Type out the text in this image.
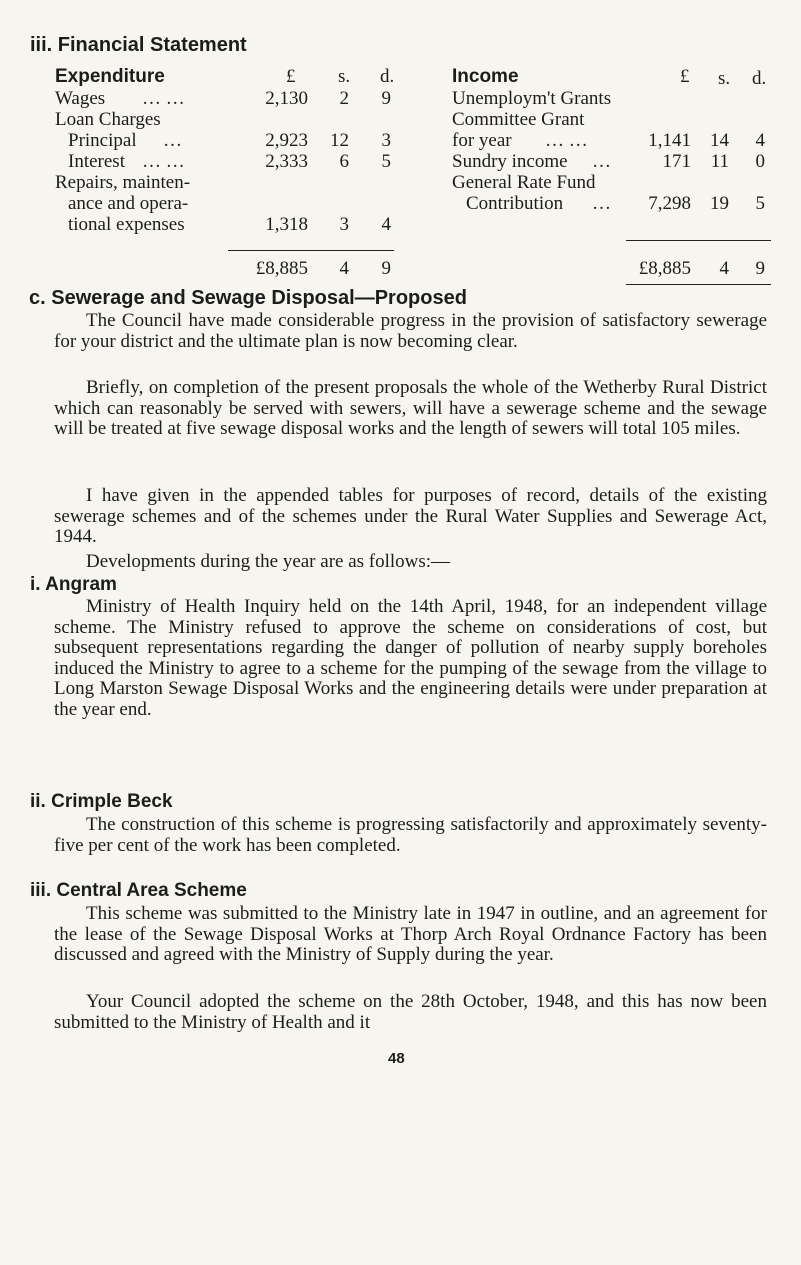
iii. Financial Statement
Expenditure	£ s. d.
Wages … …	2,130 2 9
Loan Charges
Principal …	2,923 12 3
Interest … …	2,333 6 5
Repairs, mainten-
ance and opera-
tional expenses	1,318 3 4
£8,885 4 9
Income	£ s. d.
Unemploym't Grants
Committee Grant
for year … …	1,141 14 4
Sundry income …	171 11 0
General Rate Fund
Contribution … 7,298 19 5
£8,885 4 9
c. Sewerage and Sewage Disposal—Proposed

The Council have made considerable progress in the provision of satisfactory sewerage for your district and the ultimate plan is now becoming clear.

Briefly, on completion of the present proposals the whole of the Wetherby Rural District which can reasonably be served with sewers, will have a sewerage scheme and the sewage will be treated at five sewage disposal works and the length of sewers will total 105 miles.

I have given in the appended tables for purposes of record, details of the existing sewerage schemes and of the schemes under the Rural Water Supplies and Sewerage Act, 1944.

Developments during the year are as follows:—

i. Angram

Ministry of Health Inquiry held on the 14th April, 1948, for an independent village scheme. The Ministry refused to approve the scheme on considerations of cost, but subsequent representations regarding the danger of pollution of nearby supply boreholes induced the Ministry to agree to a scheme for the pumping of the sewage from the village to Long Marston Sewage Disposal Works and the engineering details were under preparation at the year end.

ii. Crimple Beck

The construction of this scheme is progressing satisfactorily and approximately seventy-five per cent of the work has been completed.

iii. Central Area Scheme

This scheme was submitted to the Ministry late in 1947 in outline, and an agreement for the lease of the Sewage Disposal Works at Thorp Arch Royal Ordnance Factory has been discussed and agreed with the Ministry of Supply during the year.

Your Council adopted the scheme on the 28th October, 1948, and this has now been submitted to the Ministry of Health and it

48
